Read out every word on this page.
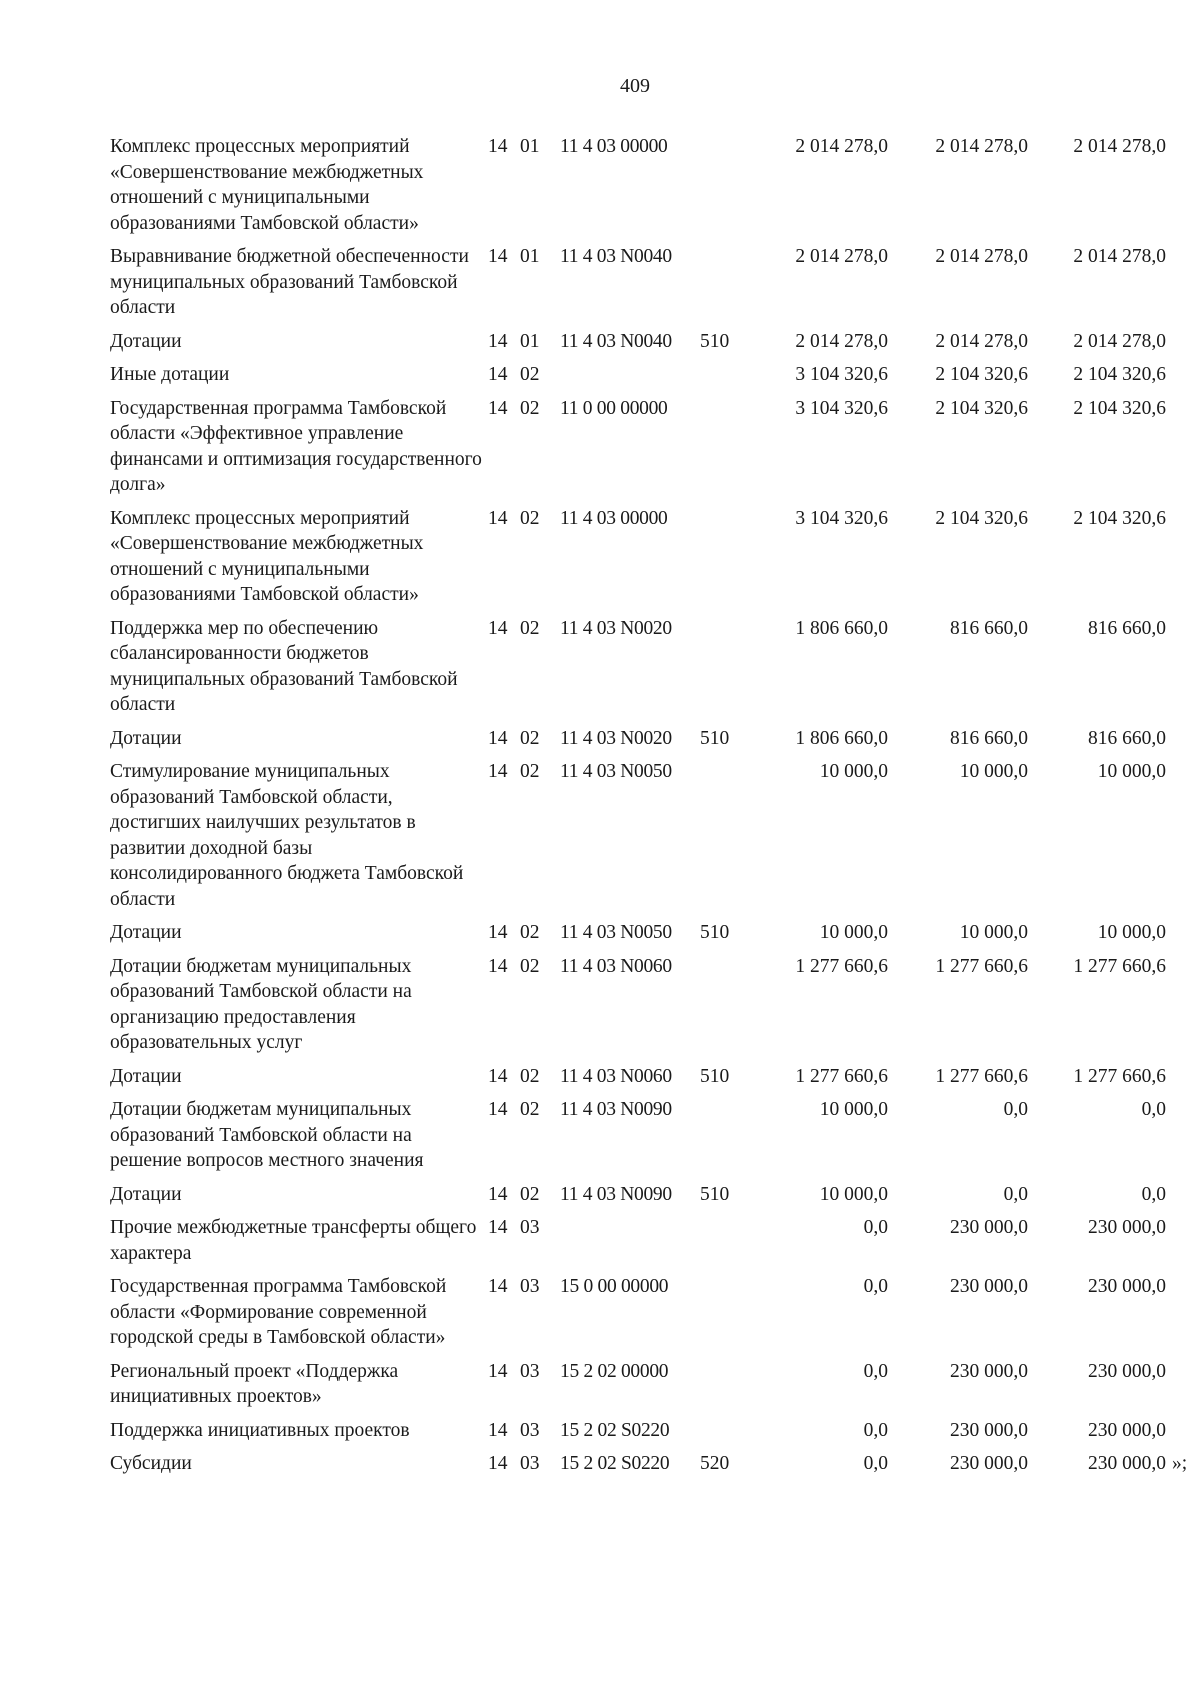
409
Комплекс процессных мероприятий «Совершенствование межбюджетных отношений с муниципальными образованиями Тамбовской области»	14	01	11 4 03 00000		2 014 278,0	2 014 278,0	2 014 278,0
Выравнивание бюджетной обеспеченности муниципальных образований Тамбовской области	14	01	11 4 03 N0040		2 014 278,0	2 014 278,0	2 014 278,0
Дотации	14	01	11 4 03 N0040	510	2 014 278,0	2 014 278,0	2 014 278,0
Иные дотации	14	02			3 104 320,6	2 104 320,6	2 104 320,6
Государственная программа Тамбовской области «Эффективное управление финансами и оптимизация государственного долга»	14	02	11 0 00 00000		3 104 320,6	2 104 320,6	2 104 320,6
Комплекс процессных мероприятий «Совершенствование межбюджетных отношений с муниципальными образованиями Тамбовской области»	14	02	11 4 03 00000		3 104 320,6	2 104 320,6	2 104 320,6
Поддержка мер по обеспечению сбалансированности бюджетов муниципальных образований Тамбовской области	14	02	11 4 03 N0020		1 806 660,0	816 660,0	816 660,0
Дотации	14	02	11 4 03 N0020	510	1 806 660,0	816 660,0	816 660,0
Стимулирование муниципальных образований Тамбовской области, достигших наилучших результатов в развитии доходной базы консолидированного бюджета Тамбовской области	14	02	11 4 03 N0050		10 000,0	10 000,0	10 000,0
Дотации	14	02	11 4 03 N0050	510	10 000,0	10 000,0	10 000,0
Дотации бюджетам муниципальных образований Тамбовской области на организацию предоставления образовательных услуг	14	02	11 4 03 N0060		1 277 660,6	1 277 660,6	1 277 660,6
Дотации	14	02	11 4 03 N0060	510	1 277 660,6	1 277 660,6	1 277 660,6
Дотации бюджетам муниципальных образований Тамбовской области на решение вопросов местного значения	14	02	11 4 03 N0090		10 000,0	0,0	0,0
Дотации	14	02	11 4 03 N0090	510	10 000,0	0,0	0,0
Прочие межбюджетные трансферты общего характера	14	03			0,0	230 000,0	230 000,0
Государственная программа Тамбовской области «Формирование современной городской среды в Тамбовской области»	14	03	15 0 00 00000		0,0	230 000,0	230 000,0
Региональный проект «Поддержка инициативных проектов»	14	03	15 2 02 00000		0,0	230 000,0	230 000,0
Поддержка инициативных проектов	14	03	15 2 02 S0220		0,0	230 000,0	230 000,0
Субсидии	14	03	15 2 02 S0220	520	0,0	230 000,0	230 000,0 »;
